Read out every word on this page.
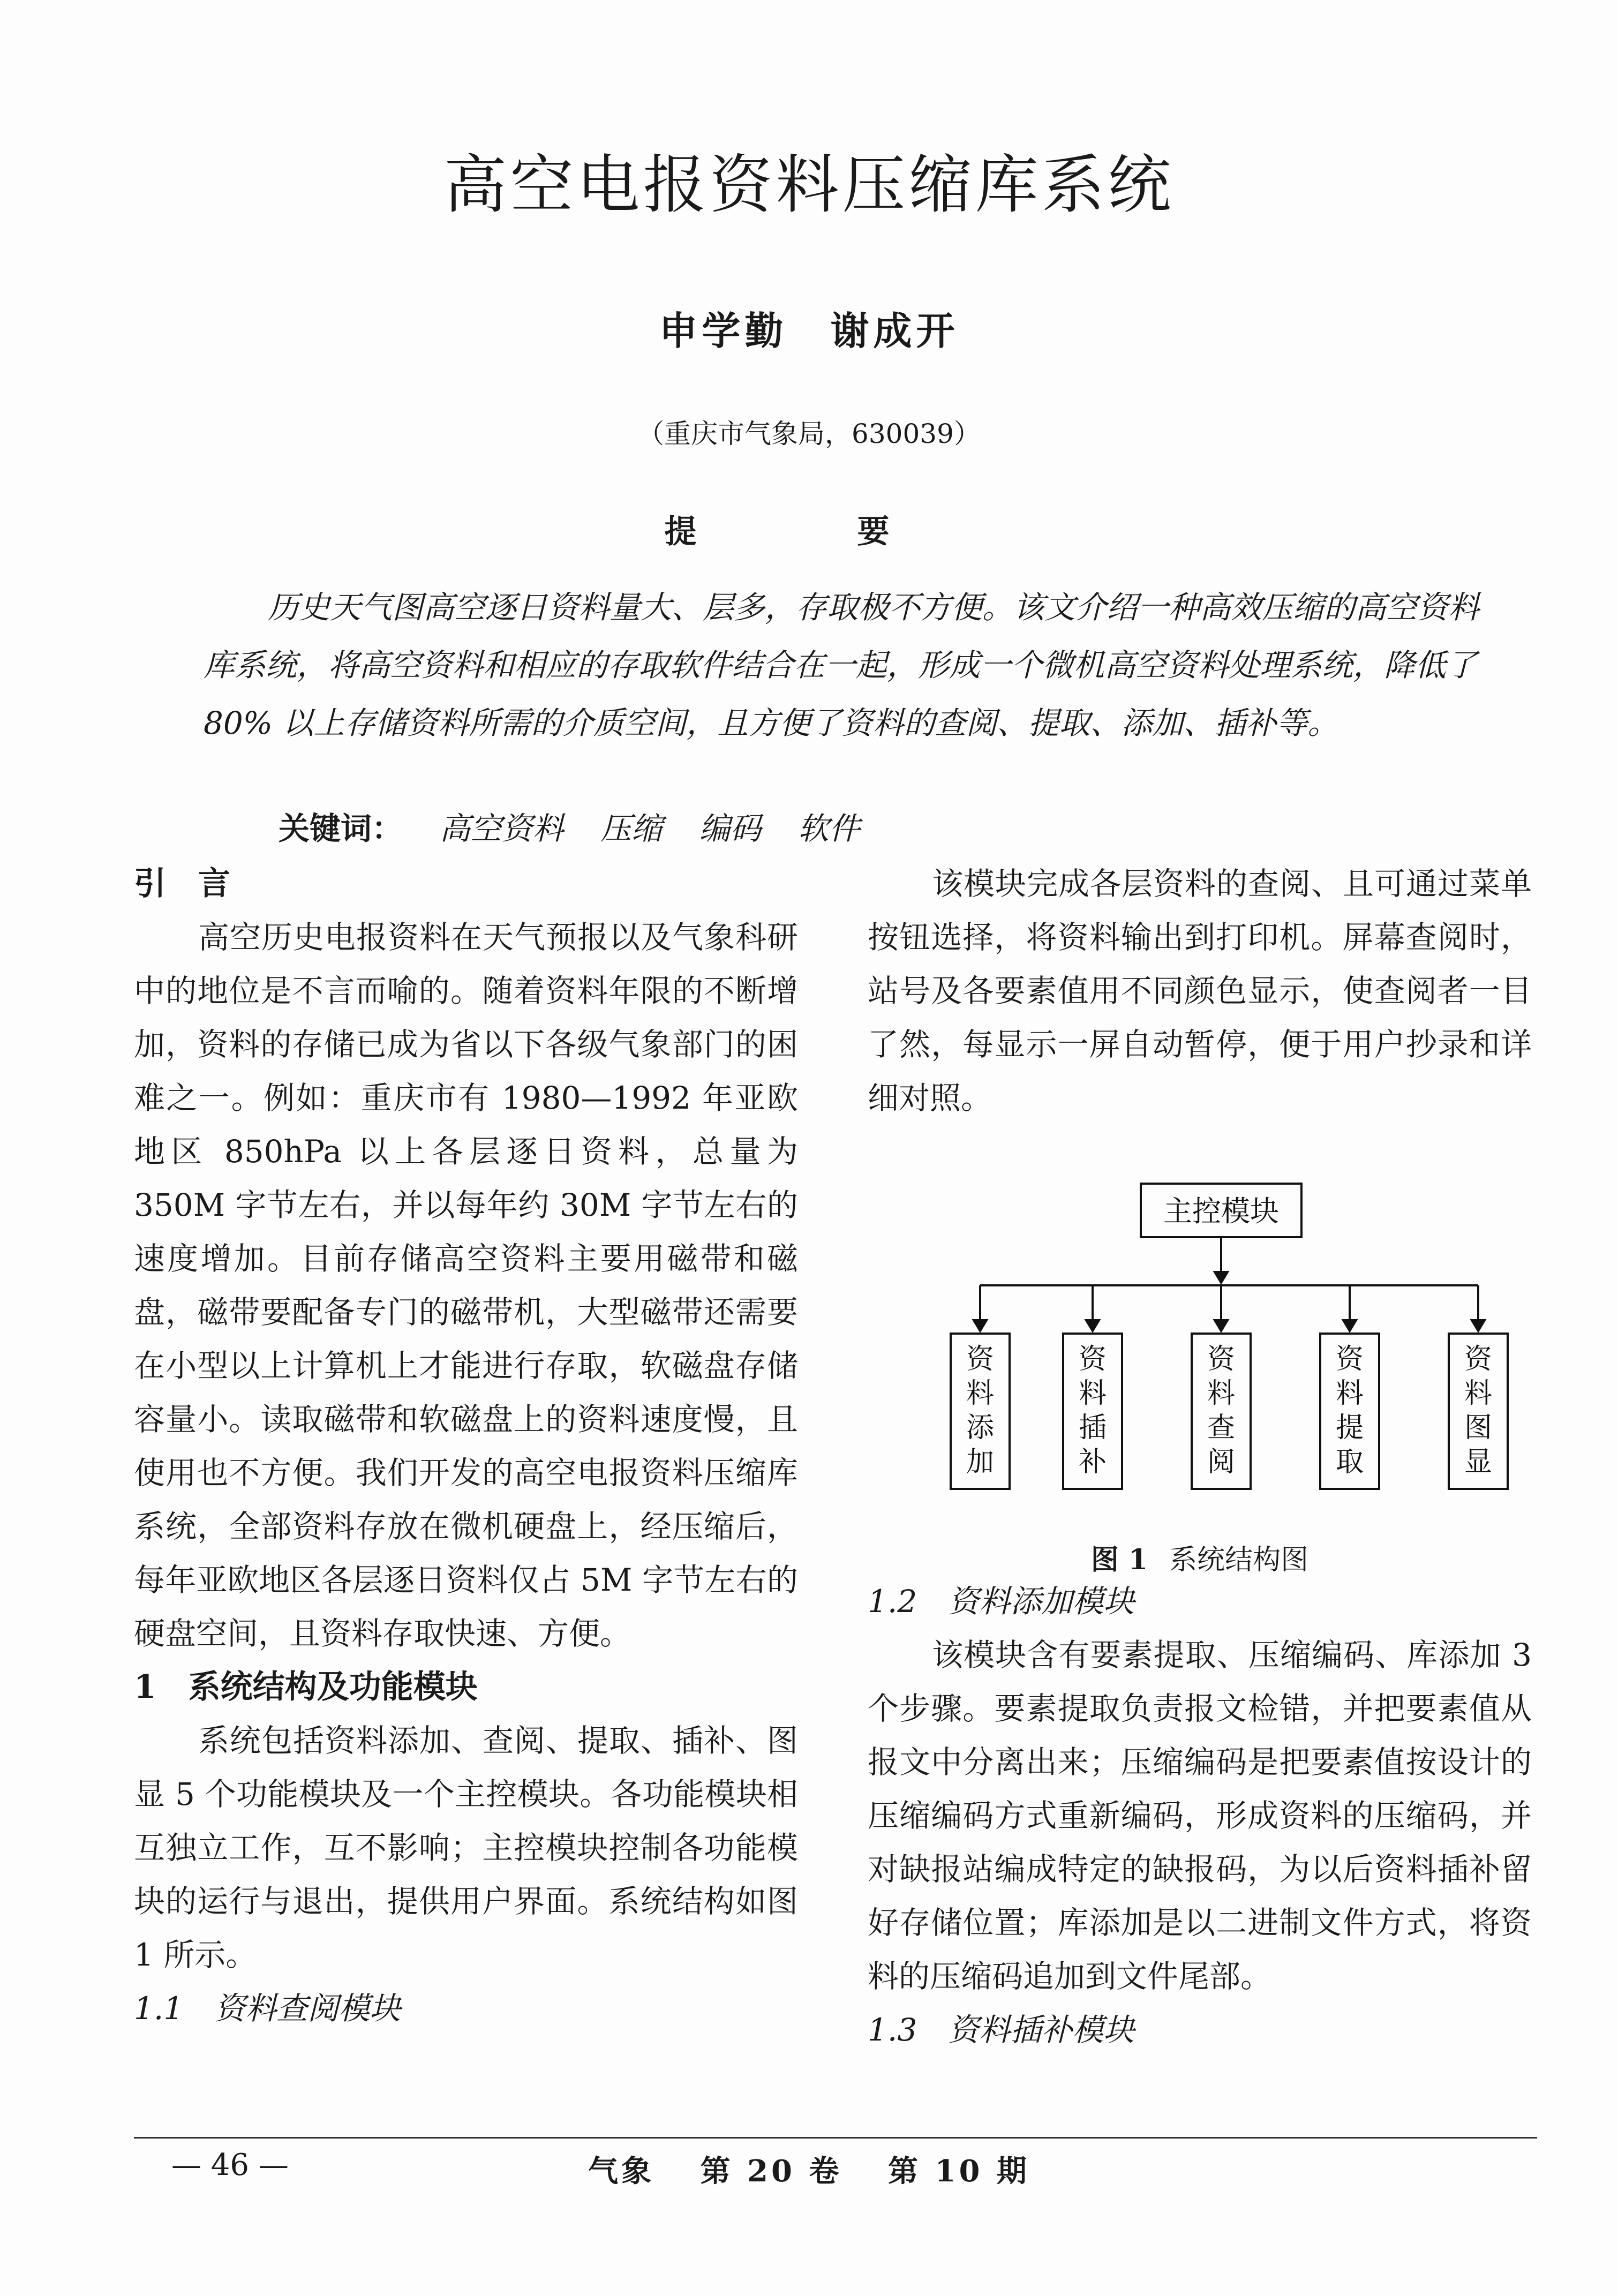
高空电报资料压缩库系统
申学勤　谢成开
（重庆市气象局，630039）
提　要
历史天气图高空逐日资料量大、层多，存取极不方便。该文介绍一种高效压缩的高空资料库系统，将高空资料和相应的存取软件结合在一起，形成一个微机高空资料处理系统，降低了 80% 以上存储资料所需的介质空间，且方便了资料的查阅、提取、添加、插补等。
关键词： 高空资料 压缩 编码 软件
引　言
高空历史电报资料在天气预报以及气象科研中的地位是不言而喻的。随着资料年限的不断增加，资料的存储已成为省以下各级气象部门的困难之一。例如：重庆市有 1980—1992 年亚欧地区 850hPa 以上各层逐日资料，总量为 350M 字节左右，并以每年约 30M 字节左右的速度增加。目前存储高空资料主要用磁带和磁盘，磁带要配备专门的磁带机，大型磁带还需要在小型以上计算机上才能进行存取，软磁盘存储容量小。读取磁带和软磁盘上的资料速度慢，且使用也不方便。我们开发的高空电报资料压缩库系统，全部资料存放在微机硬盘上，经压缩后，每年亚欧地区各层逐日资料仅占 5M 字节左右的硬盘空间，且资料存取快速、方便。
1　系统结构及功能模块
系统包括资料添加、查阅、提取、插补、图显 5 个功能模块及一个主控模块。各功能模块相互独立工作，互不影响；主控模块控制各功能模块的运行与退出，提供用户界面。系统结构如图 1 所示。
1.1　资料查阅模块
该模块完成各层资料的查阅、且可通过菜单按钮选择，将资料输出到打印机。屏幕查阅时，站号及各要素值用不同颜色显示，使查阅者一目了然，每显示一屏自动暂停，便于用户抄录和详细对照。
主控模块
资料添加
资料插补
资料查阅
资料提取
资料图显
图 1 系统结构图
1.2　资料添加模块
该模块含有要素提取、压缩编码、库添加 3 个步骤。要素提取负责报文检错，并把要素值从报文中分离出来；压缩编码是把要素值按设计的压缩编码方式重新编码，形成资料的压缩码，并对缺报站编成特定的缺报码，为以后资料插补留好存储位置；库添加是以二进制文件方式，将资料的压缩码追加到文件尾部。
1.3　资料插补模块
— 46 —	气象 第 20 卷 第 10 期
